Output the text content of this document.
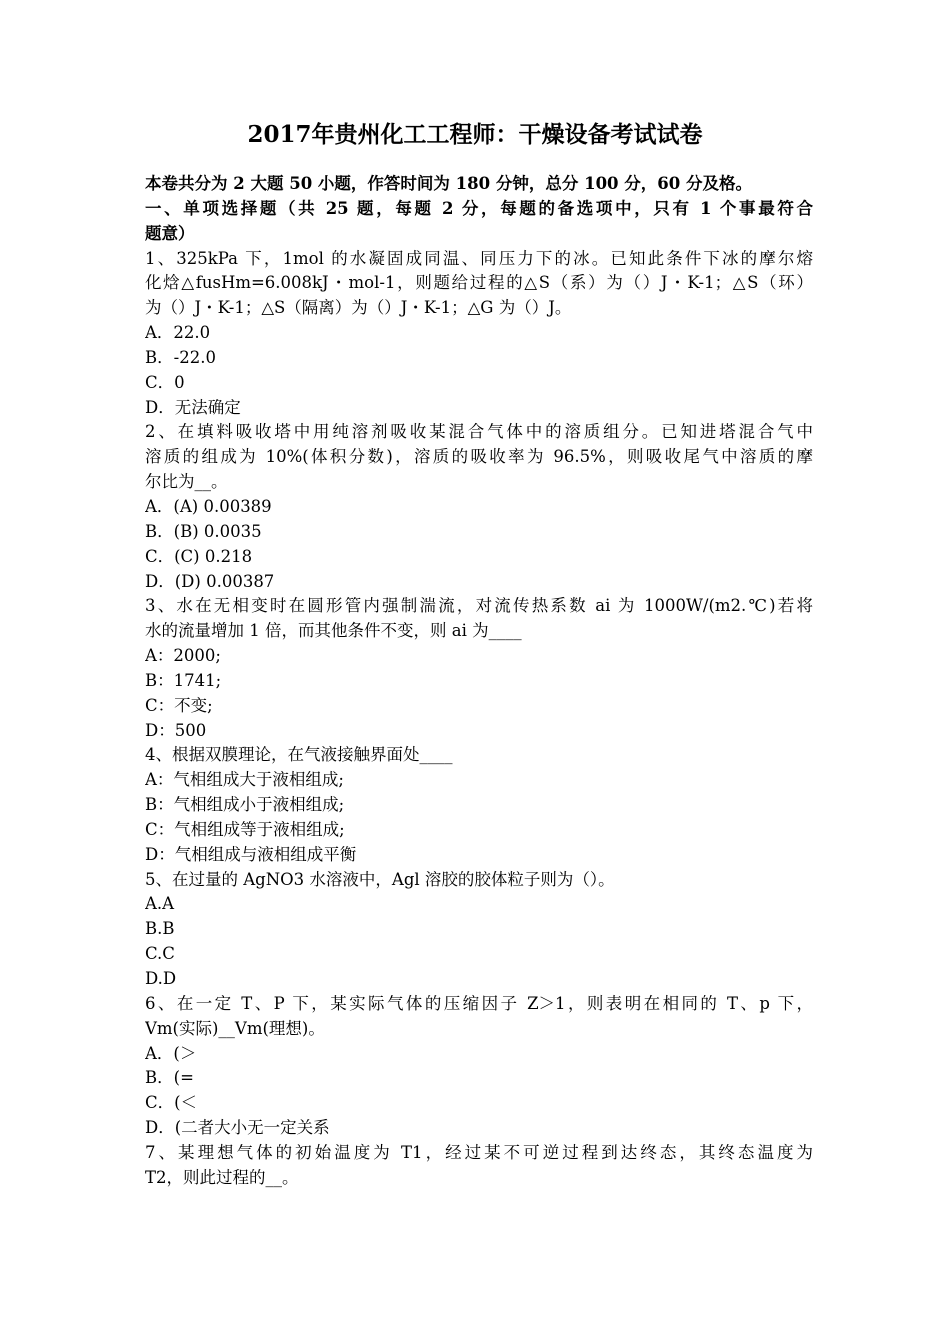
2017年贵州化工工程师：干燥设备考试试卷
本卷共分为 2 大题 50 小题，作答时间为 180 分钟，总分 100 分，60 分及格。
一、单项选择题（共 25 题，每题 2 分，每题的备选项中，只有 1 个事最符合
题意）
1、325kPa 下，1mol 的水凝固成同温、同压力下的冰。已知此条件下冰的摩尔熔
化焓△fusHm=6.008kJ・mol-1，则题给过程的△S（系）为（）J・K-1；△S（环）
为（）J・K-1；△S（隔离）为（）J・K-1；△G 为（）J。
A．22.0
B．-22.0
C．0
D．无法确定
2、在填料吸收塔中用纯溶剂吸收某混合气体中的溶质组分。已知进塔混合气中
溶质的组成为 10%(体积分数)，溶质的吸收率为 96.5%，则吸收尾气中溶质的摩
尔比为__。
A．(A) 0.00389
B．(B) 0.0035
C．(C) 0.218
D．(D) 0.00387
3、水在无相变时在圆形管内强制湍流，对流传热系数 ai 为 1000W/(m2.℃)若将
水的流量增加 1 倍，而其他条件不变，则 ai 为____
A：2000;
B：1741;
C：不变;
D：500
4、根据双膜理论，在气液接触界面处____
A：气相组成大于液相组成;
B：气相组成小于液相组成;
C：气相组成等于液相组成;
D：气相组成与液相组成平衡
5、在过量的 AgNO3 水溶液中，Agl 溶胶的胶体粒子则为（）。
A.A
B.B
C.C
D.D
6、在一定 T、P 下，某实际气体的压缩因子 Z＞1，则表明在相同的 T、p 下，
Vm(实际)__Vm(理想)。
A．(＞
B．(=
C．(＜
D．(二者大小无一定关系
7、某理想气体的初始温度为 T1，经过某不可逆过程到达终态，其终态温度为
T2，则此过程的__。
